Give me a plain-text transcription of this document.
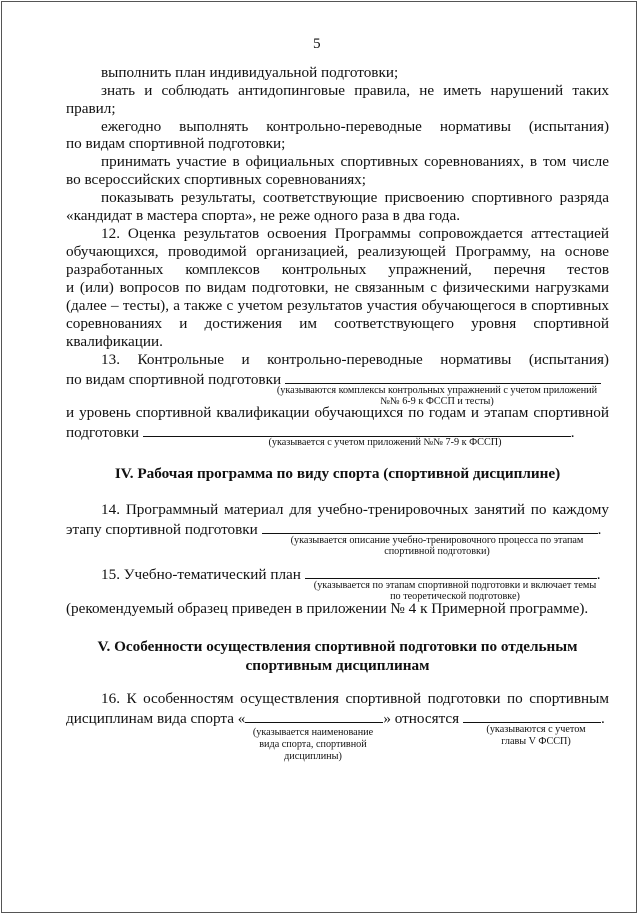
5
выполнить план индивидуальной подготовки;
знать и соблюдать антидопинговые правила, не иметь нарушений таких
правил;
ежегодно выполнять контрольно-переводные нормативы (испытания)
по видам спортивной подготовки;
принимать участие в официальных спортивных соревнованиях, в том числе
во всероссийских спортивных соревнованиях;
показывать результаты, соответствующие присвоению спортивного разряда
«кандидат в мастера спорта», не реже одного раза в два года.
12. Оценка результатов освоения Программы сопровождается аттестацией
обучающихся, проводимой организацией, реализующей Программу, на основе
разработанных комплексов контрольных упражнений, перечня тестов
и (или) вопросов по видам подготовки, не связанным с физическими нагрузками
(далее – тесты), а также с учетом результатов участия обучающегося в спортивных
соревнованиях и достижения им соответствующего уровня спортивной
квалификации.
13. Контрольные и контрольно-переводные нормативы (испытания)
по видам спортивной подготовки
(указываются комплексы контрольных упражнений с учетом приложений
№№ 6-9 к ФССП и тесты)
и уровень спортивной квалификации обучающихся по годам и этапам спортивной
подготовки	.
(указывается с учетом приложений №№ 7-9 к ФССП)
IV. Рабочая программа по виду спорта (спортивной дисциплине)
14. Программный материал для учебно-тренировочных занятий по каждому
этапу спортивной подготовки	.
(указывается описание учебно-тренировочного процесса по этапам
спортивной подготовки)
15. Учебно-тематический план	.
(указывается по этапам спортивной подготовки и включает темы
по теоретической подготовке)
(рекомендуемый образец приведен в приложении № 4 к Примерной программе).
V. Особенности осуществления спортивной подготовки по отдельным
спортивным дисциплинам
16. К особенностям осуществления спортивной подготовки по спортивным
дисциплинам вида спорта «	» относятся	.
(указывается наименование
вида спорта, спортивной
дисциплины)
(указываются с учетом
главы V ФССП)
